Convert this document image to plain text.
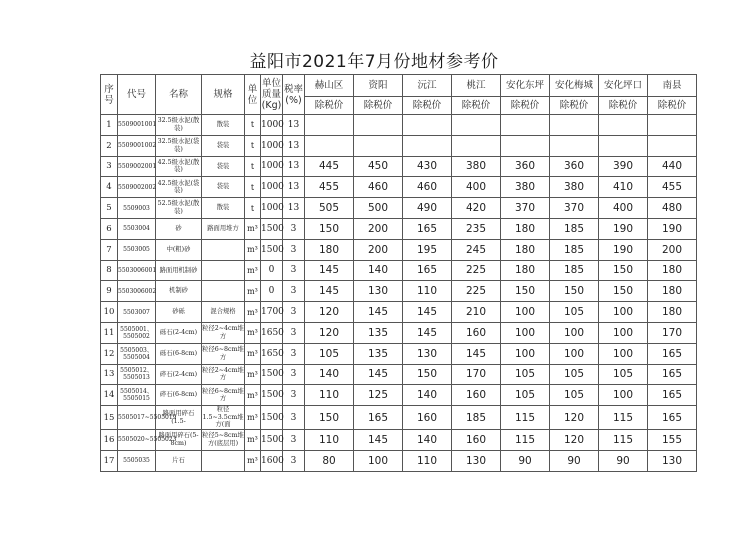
益阳市2021年7月份地材参考价
序号	代号	名称	规格	单位	单位质量(Kg)	税率(%)	赫山区	资阳	沅江	桃江	安化东坪	安化梅城	安化坪口	南县
							除税价	除税价	除税价	除税价	除税价	除税价	除税价	除税价
1	5509001001	32.5级水泥(散装)	散装	t	1000	13								
2	5509001002	32.5级水泥(袋装)	袋装	t	1000	13								
3	5509002001	42.5级水泥(散装)	袋装	t	1000	13	445	450	430	380	360	360	390	440
4	5509002002	42.5级水泥(袋装)	袋装	t	1000	13	455	460	460	400	380	380	410	455
5	5509003	52.5级水泥(散装)	散装	t	1000	13	505	500	490	420	370	370	400	480
6	5503004	砂	路面用堆方	m³	1500	3	150	200	165	235	180	185	190	190
7	5503005	中(粗)砂		m³	1500	3	180	200	195	245	180	185	190	200
8	5503006001	路面用机制砂		m³	0	3	145	140	165	225	180	185	150	180
9	5503006002	机制砂		m³	0	3	145	130	110	225	150	150	150	180
10	5503007	砂砾	混合规格	m³	1700	3	120	145	145	210	100	105	100	180
11	5505001、5505002	砾石(2-4cm)	粒径2~4cm堆方	m³	1650	3	120	135	145	160	100	100	100	170
12	5505003、5505004	砾石(6-8cm)	粒径6~8cm堆方	m³	1650	3	105	135	130	145	100	100	100	165
13	5505012、5505013	碎石(2-4cm)	粒径2~4cm堆方	m³	1500	3	140	145	150	170	105	105	105	165
14	5505014、5505015	碎石(6-8cm)	粒径6~8cm堆方	m³	1500	3	110	125	140	160	105	105	100	165
15	5505017~5505019	路面用碎石(1.5-	粒径1.5~3.5cm堆方(面	m³	1500	3	150	165	160	185	115	120	115	165
16	5505020~5505023	路面用碎石(5-8cm)	粒径5~8cm堆方(底层用)	m³	1500	3	110	145	140	160	115	120	115	155
17	5505035	片石		m³	1600	3	80	100	110	130	90	90	90	130
